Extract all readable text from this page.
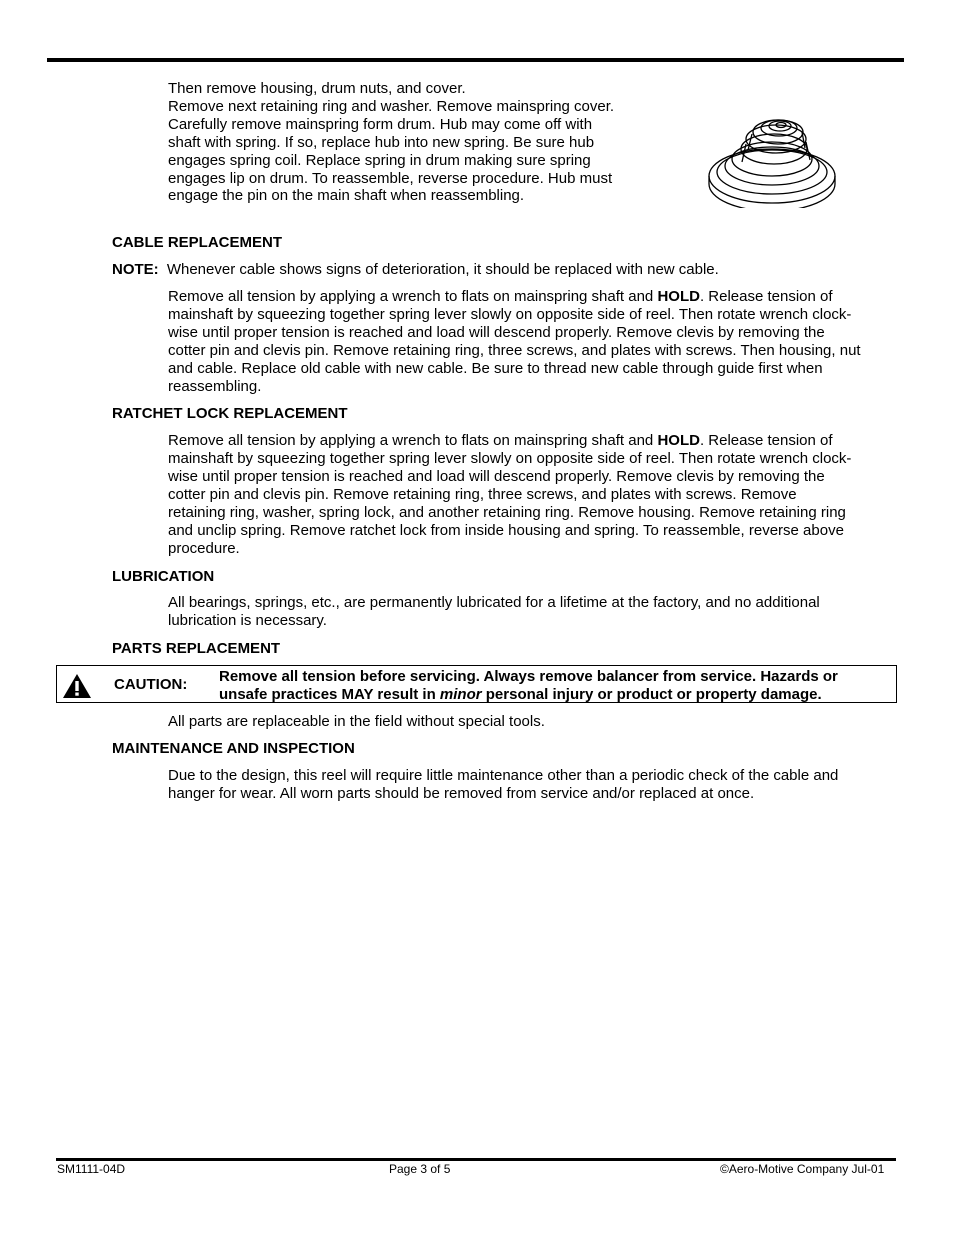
Then remove housing, drum nuts, and cover.
Remove next retaining ring and washer. Remove mainspring cover.
Carefully remove mainspring form drum. Hub may come off with
shaft with spring. If so, replace hub into new spring. Be sure hub
engages spring coil. Replace spring in drum making sure spring
engages lip on drum. To reassemble, reverse procedure. Hub must
engage the pin on the main shaft when reassembling.
CABLE REPLACEMENT
NOTE: Whenever cable shows signs of deterioration, it should be replaced with new cable.
Remove all tension by applying a wrench to flats on mainspring shaft and HOLD. Release tension of
mainshaft by squeezing together spring lever slowly on opposite side of reel. Then rotate wrench clock-
wise until proper tension is reached and load will descend properly. Remove clevis by removing the
cotter pin and clevis pin. Remove retaining ring, three screws, and plates with screws. Then housing, nut
and cable. Replace old cable with new cable. Be sure to thread new cable through guide first when
reassembling.
RATCHET LOCK REPLACEMENT
Remove all tension by applying a wrench to flats on mainspring shaft and HOLD. Release tension of
mainshaft by squeezing together spring lever slowly on opposite side of reel. Then rotate wrench clock-
wise until proper tension is reached and load will descend properly. Remove clevis by removing the
cotter pin and clevis pin. Remove retaining ring, three screws, and plates with screws. Remove
retaining ring, washer, spring lock, and another retaining ring. Remove housing. Remove retaining ring
and unclip spring. Remove ratchet lock from inside housing and spring. To reassemble, reverse above
procedure.
LUBRICATION
All bearings, springs, etc., are permanently lubricated for a lifetime at the factory, and no additional
lubrication is necessary.
PARTS REPLACEMENT
CAUTION: Remove all tension before servicing. Always remove balancer from service. Hazards or
unsafe practices MAY result in minor personal injury or product or property damage.
All parts are replaceable in the field without special tools.
MAINTENANCE AND INSPECTION
Due to the design, this reel will require little maintenance other than a periodic check of the cable and
hanger for wear. All worn parts should be removed from service and/or replaced at once.
SM1111-04D	Page 3 of 5	©Aero-Motive Company Jul-01
